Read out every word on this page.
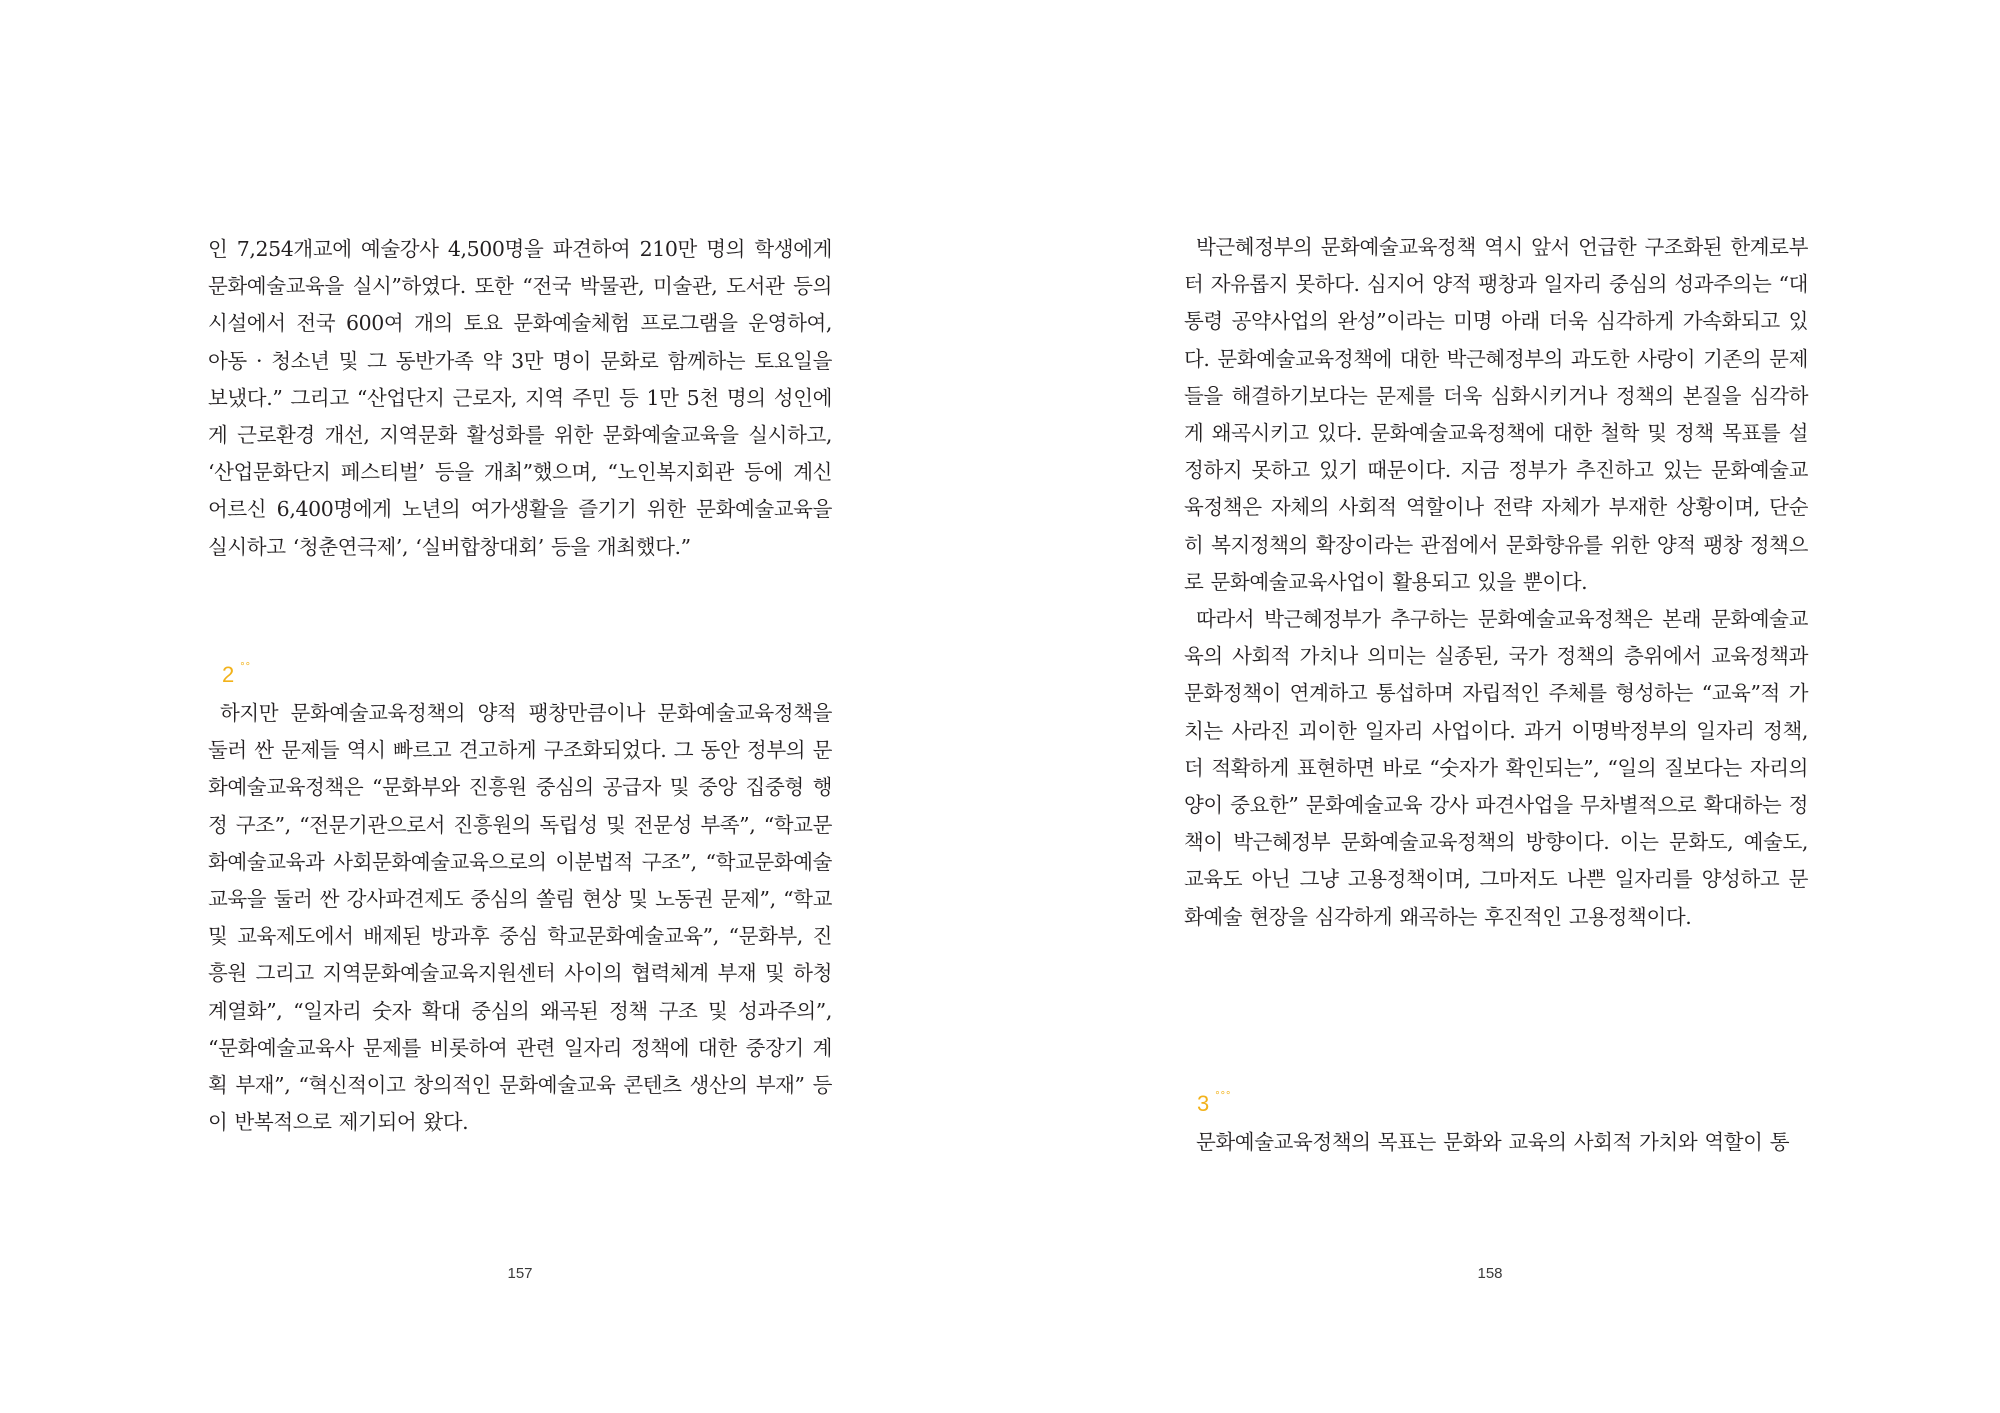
인 7,254개교에 예술강사 4,500명을 파견하여 210만 명의 학생에게 문화예술교육을 실시”하였다. 또한 “전국 박물관, 미술관, 도서관 등의 시설에서 전국 600여 개의 토요 문화예술체험 프로그램을 운영하여, 아동 · 청소년 및 그 동반가족 약 3만 명이 문화로 함께하는 토요일을 보냈다.” 그리고 “산업단지 근로자, 지역 주민 등 1만 5천 명의 성인에게 근로환경 개선, 지역문화 활성화를 위한 문화예술교육을 실시하고, ‘산업문화단지 페스티벌’ 등을 개최”했으며, “노인복지회관 등에 계신 어르신 6,400명에게 노년의 여가생활을 즐기기 위한 문화예술교육을 실시하고 ‘청춘연극제’, ‘실버합창대회’ 등을 개최했다.”

2 °°

하지만 문화예술교육정책의 양적 팽창만큼이나 문화예술교육정책을 둘러 싼 문제들 역시 빠르고 견고하게 구조화되었다. 그 동안 정부의 문화예술교육정책은 “문화부와 진흥원 중심의 공급자 및 중앙 집중형 행정 구조”, “전문기관으로서 진흥원의 독립성 및 전문성 부족”, “학교문화예술교육과 사회문화예술교육으로의 이분법적 구조”, “학교문화예술교육을 둘러 싼 강사파견제도 중심의 쏠림 현상 및 노동권 문제”, “학교 및 교육제도에서 배제된 방과후 중심 학교문화예술교육”, “문화부, 진흥원 그리고 지역문화예술교육지원센터 사이의 협력체계 부재 및 하청계열화”, “일자리 숫자 확대 중심의 왜곡된 정책 구조 및 성과주의”, “문화예술교육사 문제를 비롯하여 관련 일자리 정책에 대한 중장기 계획 부재”, “혁신적이고 창의적인 문화예술교육 콘텐츠 생산의 부재” 등이 반복적으로 제기되어 왔다.

157

박근혜정부의 문화예술교육정책 역시 앞서 언급한 구조화된 한계로부터 자유롭지 못하다. 심지어 양적 팽창과 일자리 중심의 성과주의는 “대통령 공약사업의 완성”이라는 미명 아래 더욱 심각하게 가속화되고 있다. 문화예술교육정책에 대한 박근혜정부의 과도한 사랑이 기존의 문제들을 해결하기보다는 문제를 더욱 심화시키거나 정책의 본질을 심각하게 왜곡시키고 있다. 문화예술교육정책에 대한 철학 및 정책 목표를 설정하지 못하고 있기 때문이다. 지금 정부가 추진하고 있는 문화예술교육정책은 자체의 사회적 역할이나 전략 자체가 부재한 상황이며, 단순히 복지정책의 확장이라는 관점에서 문화향유를 위한 양적 팽창 정책으로 문화예술교육사업이 활용되고 있을 뿐이다.

따라서 박근혜정부가 추구하는 문화예술교육정책은 본래 문화예술교육의 사회적 가치나 의미는 실종된, 국가 정책의 층위에서 교육정책과 문화정책이 연계하고 통섭하며 자립적인 주체를 형성하는 “교육”적 가치는 사라진 괴이한 일자리 사업이다. 과거 이명박정부의 일자리 정책, 더 적확하게 표현하면 바로 “숫자가 확인되는”, “일의 질보다는 자리의 양이 중요한” 문화예술교육 강사 파견사업을 무차별적으로 확대하는 정책이 박근혜정부 문화예술교육정책의 방향이다. 이는 문화도, 예술도, 교육도 아닌 그냥 고용정책이며, 그마저도 나쁜 일자리를 양성하고 문화예술 현장을 심각하게 왜곡하는 후진적인 고용정책이다.

3 °°°

문화예술교육정책의 목표는 문화와 교육의 사회적 가치와 역할이 통

158
